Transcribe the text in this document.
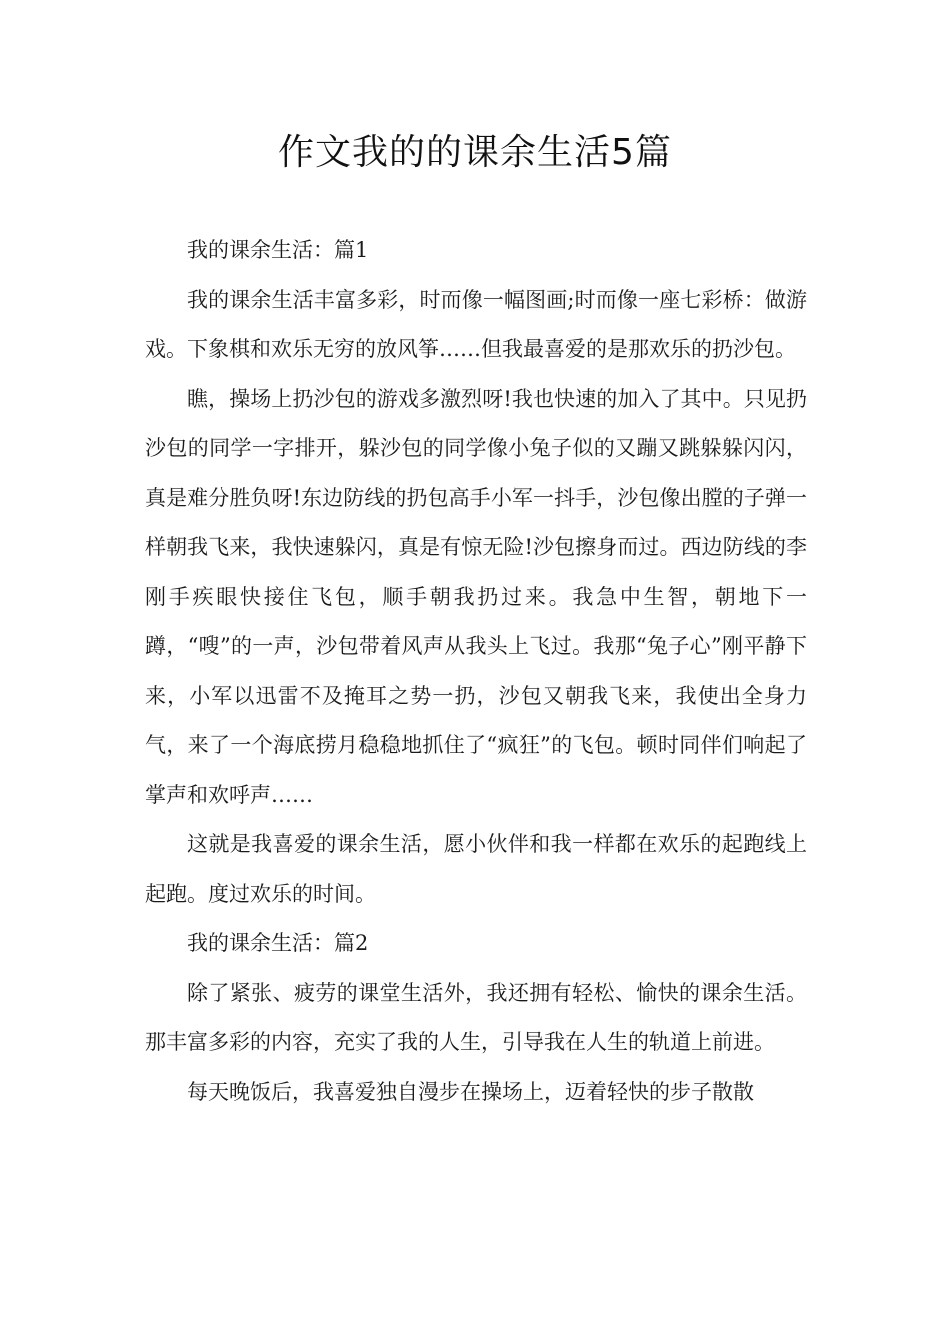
作文我的的课余生活5篇

我的课余生活：篇1

我的课余生活丰富多彩，时而像一幅图画;时而像一座七彩桥：做游戏。下象棋和欢乐无穷的放风筝……但我最喜爱的是那欢乐的扔沙包。

瞧，操场上扔沙包的游戏多激烈呀!我也快速的加入了其中。只见扔沙包的同学一字排开，躲沙包的同学像小兔子似的又蹦又跳躲躲闪闪，真是难分胜负呀!东边防线的扔包高手小军一抖手，沙包像出膛的子弹一样朝我飞来，我快速躲闪，真是有惊无险!沙包擦身而过。西边防线的李刚手疾眼快接住飞包，顺手朝我扔过来。我急中生智，朝地下一蹲，“嗖”的一声，沙包带着风声从我头上飞过。我那“兔子心”刚平静下来，小军以迅雷不及掩耳之势一扔，沙包又朝我飞来，我使出全身力气，来了一个海底捞月稳稳地抓住了“疯狂”的飞包。顿时同伴们响起了掌声和欢呼声……

这就是我喜爱的课余生活，愿小伙伴和我一样都在欢乐的起跑线上起跑。度过欢乐的时间。

我的课余生活：篇2

除了紧张、疲劳的课堂生活外，我还拥有轻松、愉快的课余生活。那丰富多彩的内容，充实了我的人生，引导我在人生的轨道上前进。

每天晚饭后，我喜爱独自漫步在操场上，迈着轻快的步子散散
